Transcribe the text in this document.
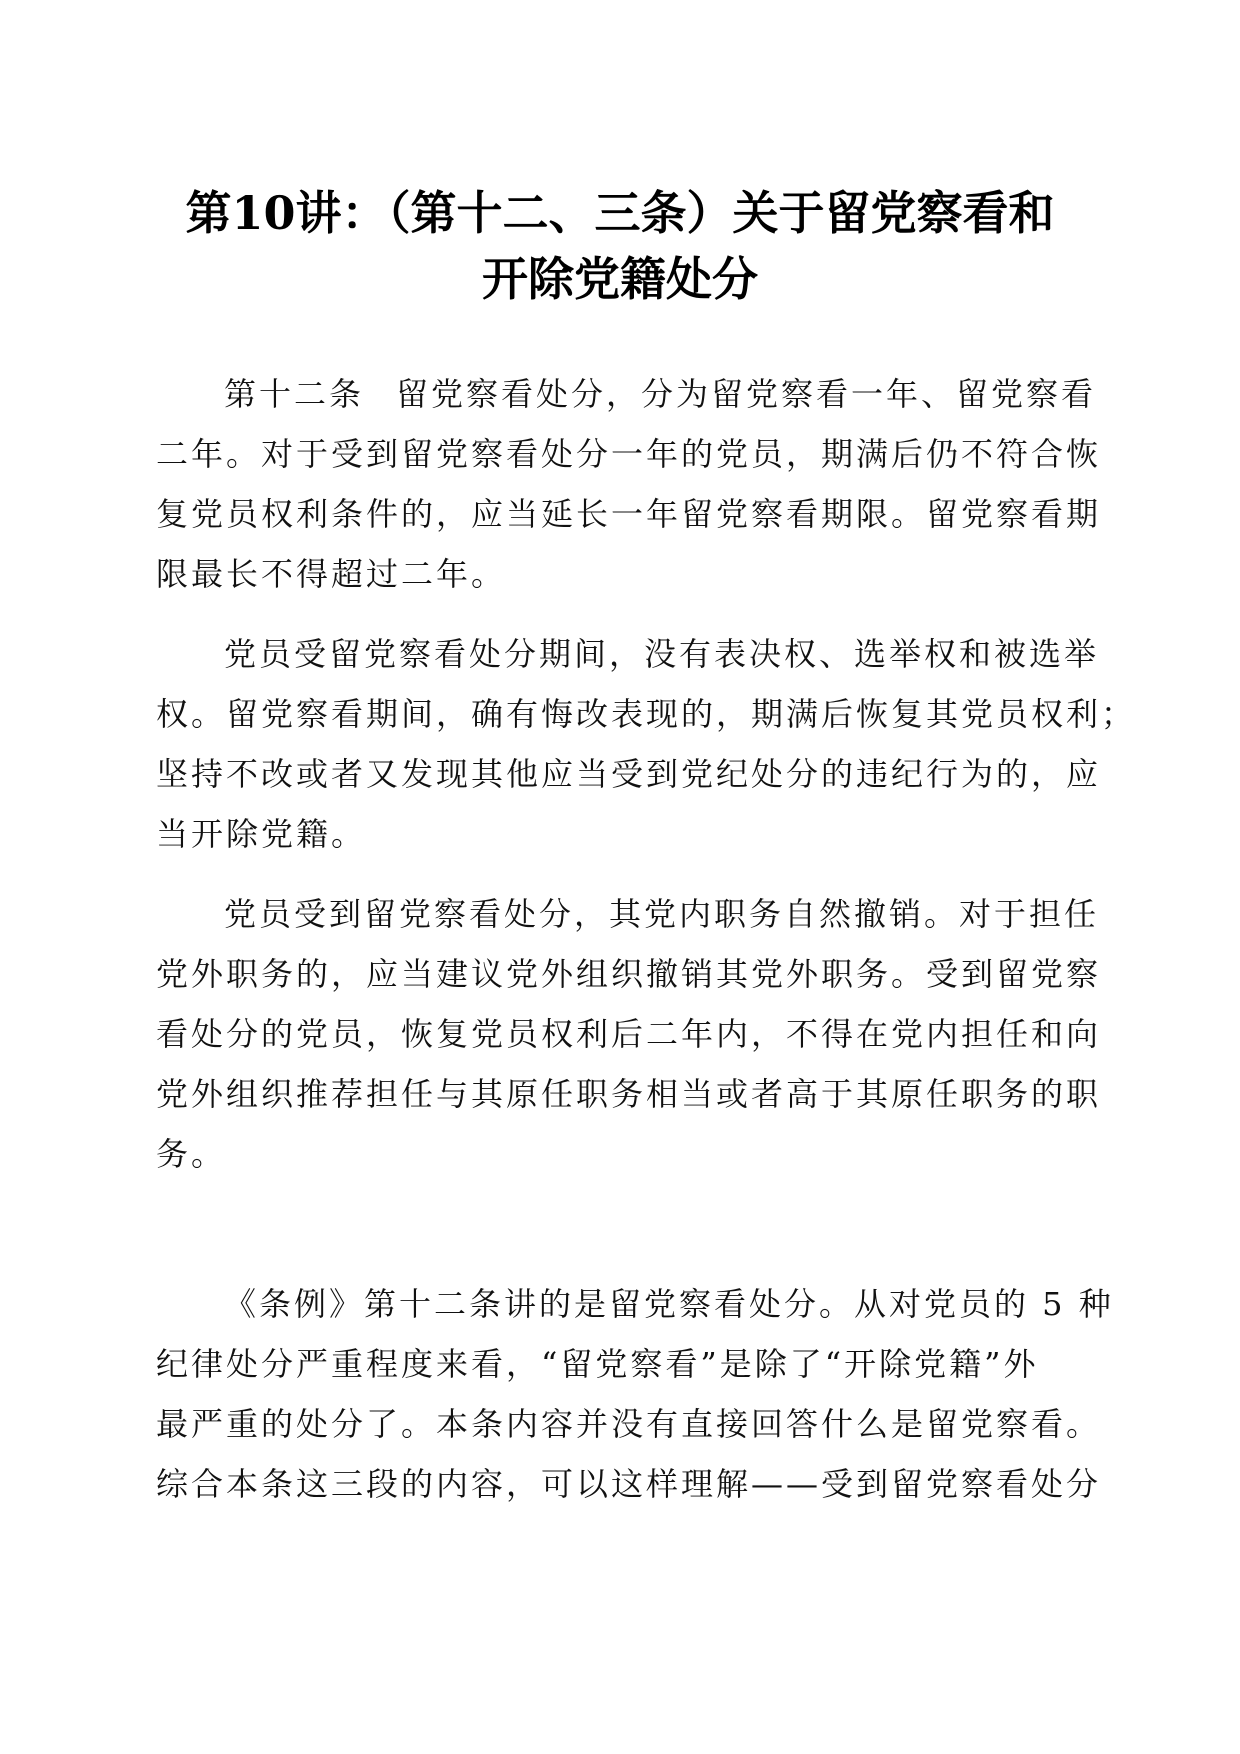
第10讲：（第十二、三条）关于留党察看和
开除党籍处分
第十二条 留党察看处分，分为留党察看一年、留党察看
二年。对于受到留党察看处分一年的党员，期满后仍不符合恢
复党员权利条件的，应当延长一年留党察看期限。留党察看期
限最长不得超过二年。
党员受留党察看处分期间，没有表决权、选举权和被选举
权。留党察看期间，确有悔改表现的，期满后恢复其党员权利；
坚持不改或者又发现其他应当受到党纪处分的违纪行为的，应
当开除党籍。
党员受到留党察看处分，其党内职务自然撤销。对于担任
党外职务的，应当建议党外组织撤销其党外职务。受到留党察
看处分的党员，恢复党员权利后二年内，不得在党内担任和向
党外组织推荐担任与其原任职务相当或者高于其原任职务的职
务。
《条例》第十二条讲的是留党察看处分。从对党员的 5 种
纪律处分严重程度来看，“留党察看”是除了“开除党籍”外
最严重的处分了。本条内容并没有直接回答什么是留党察看。
综合本条这三段的内容，可以这样理解——受到留党察看处分
